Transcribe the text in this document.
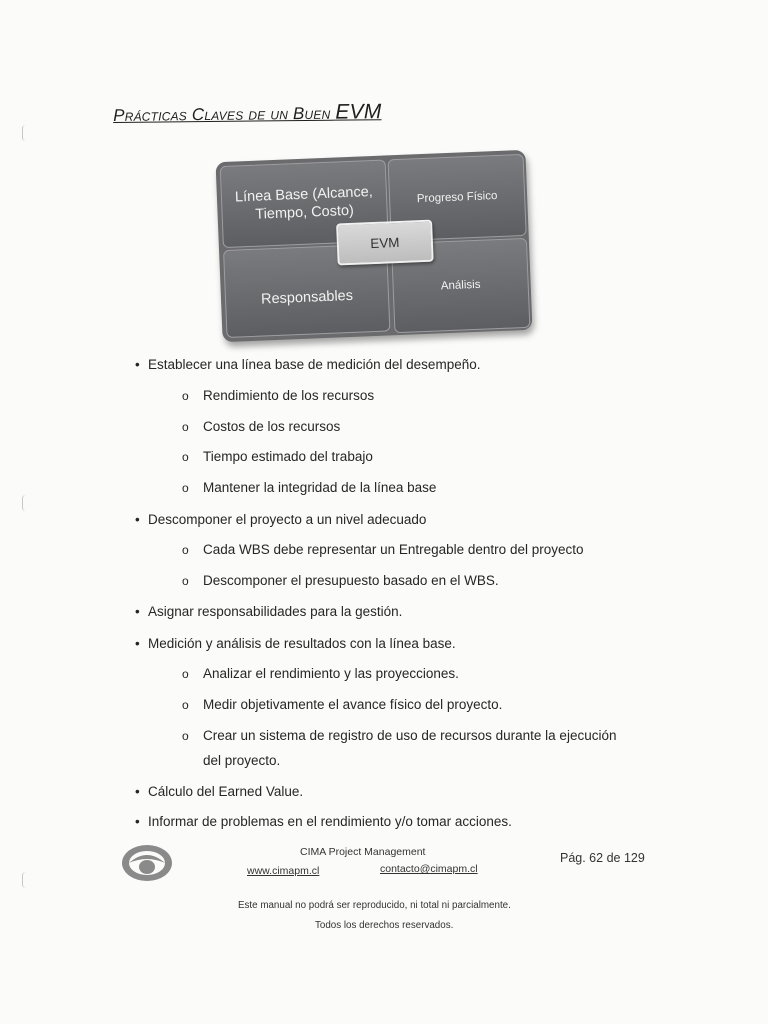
Prácticas Claves de un Buen EVM
Línea Base (Alcance, Tiempo, Costo)
Progreso Físico
Responsables
Análisis
EVM
• Establecer una línea base de medición del desempeño.
o Rendimiento de los recursos
o Costos de los recursos
o Tiempo estimado del trabajo
o Mantener la integridad de la línea base
• Descomponer el proyecto a un nivel adecuado
o Cada WBS debe representar un Entregable dentro del proyecto
o Descomponer el presupuesto basado en el WBS.
• Asignar responsabilidades para la gestión.
• Medición y análisis de resultados con la línea base.
o Analizar el rendimiento y las proyecciones.
o Medir objetivamente el avance físico del proyecto.
o Crear un sistema de registro de uso de recursos durante la ejecución
del proyecto.
• Cálculo del Earned Value.
• Informar de problemas en el rendimiento y/o tomar acciones.
CIMA Project Management
www.cimapm.cl	contacto@cimapm.cl
Pág. 62 de 129
Este manual no podrá ser reproducido, ni total ni parcialmente.
Todos los derechos reservados.
